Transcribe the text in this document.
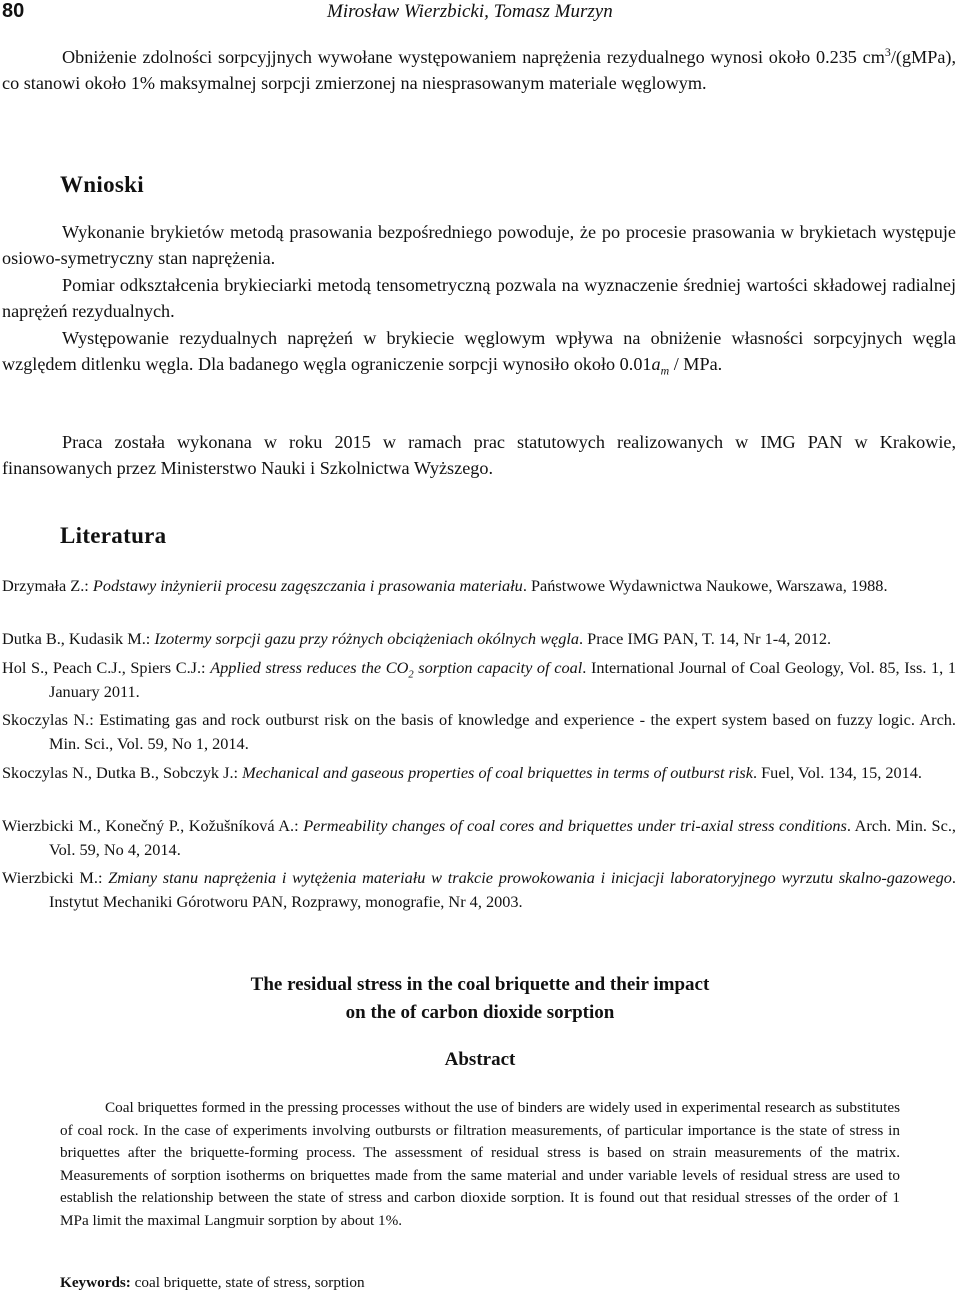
80	Mirosław Wierzbicki, Tomasz Murzyn

Obniżenie zdolności sorpcyjjnych wywołane występowaniem naprężenia rezydualnego wynosi około 0.235 $cm^3/(gMPa)$, co stanowi około 1% maksymalnej sorpcji zmierzonej na niesprasowanym materiale węglowym.

Wnioski

Wykonanie brykietów metodą prasowania bezpośredniego powoduje, że po procesie prasowania w brykietach występuje osiowo-symetryczny stan naprężenia.

Pomiar odkształcenia brykieciarki metodą tensometryczną pozwala na wyznaczenie średniej wartości składowej radialnej naprężeń rezydualnych.

Występowanie rezydualnych naprężeń w brykiecie węglowym wpływa na obniżenie własności sorpcyjnych węgla względem ditlenku węgla. Dla badanego węgla ograniczenie sorpcji wynosiło około $0.01a_m$ / MPa.

Praca została wykonana w roku 2015 w ramach prac statutowych realizowanych w IMG PAN w Krakowie, finansowanych przez Ministerstwo Nauki i Szkolnictwa Wyższego.

Literatura

Drzymała Z.: Podstawy inżynierii procesu zagęszczania i prasowania materiału. Państwowe Wydawnictwa Naukowe, Warszawa, 1988.

Dutka B., Kudasik M.: Izotermy sorpcji gazu przy różnych obciążeniach okólnych węgla. Prace IMG PAN, T. 14, Nr 1-4, 2012.

Hol S., Peach C.J., Spiers C.J.: Applied stress reduces the $CO_2$ sorption capacity of coal. International Journal of Coal Geology, Vol. 85, Iss. 1, 1 January 2011.

Skoczylas N.: Estimating gas and rock outburst risk on the basis of knowledge and experience - the expert system based on fuzzy logic. Arch. Min. Sci., Vol. 59, No 1, 2014.

Skoczylas N., Dutka B., Sobczyk J.: Mechanical and gaseous properties of coal briquettes in terms of outburst risk. Fuel, Vol. 134, 15, 2014.

Wierzbicki M., Konečný P., Kožušníková A.: Permeability changes of coal cores and briquettes under tri-axial stress conditions. Arch. Min. Sc., Vol. 59, No 4, 2014.

Wierzbicki M.: Zmiany stanu naprężenia i wytężenia materiału w trakcie prowokowania i inicjacji laboratoryjnego wyrzutu skalno-gazowego. Instytut Mechaniki Górotworu PAN, Rozprawy, monografie, Nr 4, 2003.

The residual stress in the coal briquette and their impact
on the of carbon dioxide sorption
Abstract

Coal briquettes formed in the pressing processes without the use of binders are widely used in experimental research as substitutes of coal rock. In the case of experiments involving outbursts or filtration measurements, of particular importance is the state of stress in briquettes after the briquette-forming process. The assessment of residual stress is based on strain measurements of the matrix. Measurements of sorption isotherms on briquettes made from the same material and under variable levels of residual stress are used to establish the relationship between the state of stress and carbon dioxide sorption. It is found out that residual stresses of the order of 1 MPa limit the maximal Langmuir sorption by about 1%.

Keywords: coal briquette, state of stress, sorption
